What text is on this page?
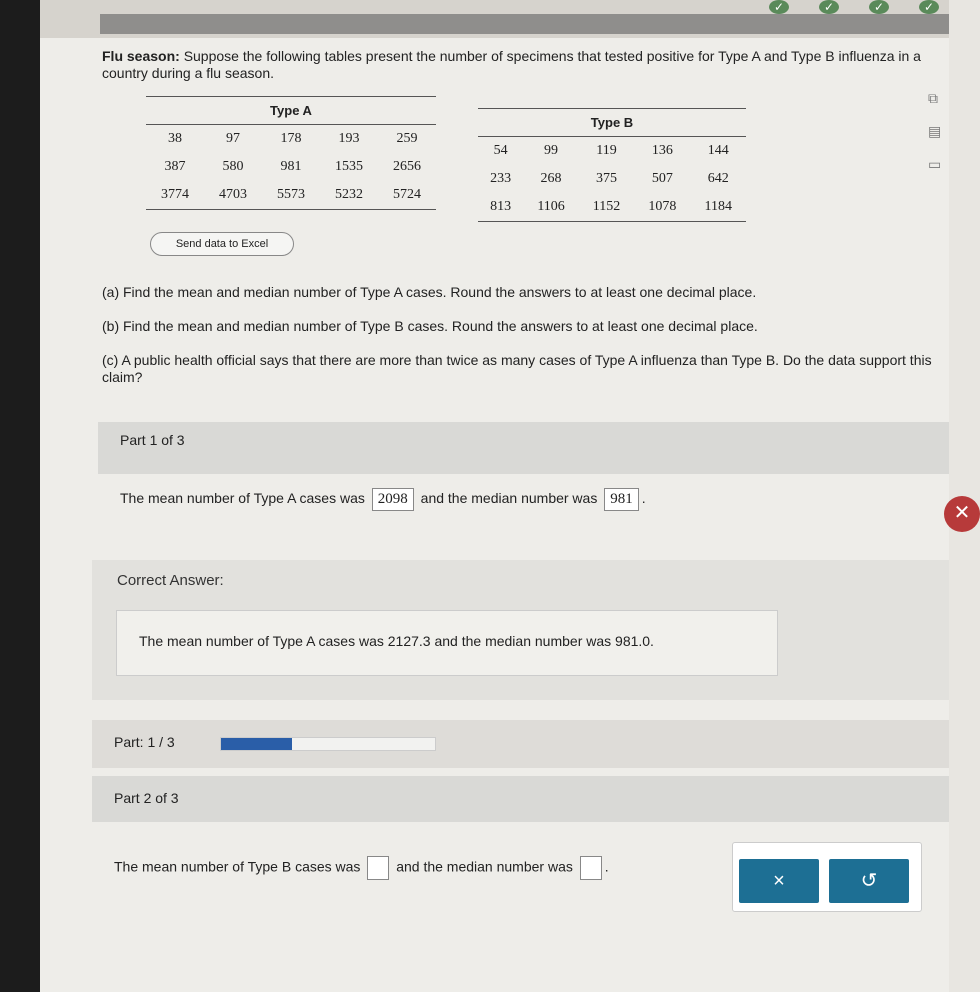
✓	✓	✓	✓
Flu season: Suppose the following tables present the number of specimens that tested positive for Type A and Type B influenza in a country during a flu season.
⧉

▤

▭
Type A				
38	97	178	193	259
387	580	981	1535	2656
3774	4703	5573	5232	5724
Type B				
54	99	119	136	144
233	268	375	507	642
813	1106	1152	1078	1184
Send data to Excel

(a) Find the mean and median number of Type A cases. Round the answers to at least one decimal place.

(b) Find the mean and median number of Type B cases. Round the answers to at least one decimal place.

(c) A public health official says that there are more than twice as many cases of Type A influenza than Type B. Do the data support this claim?

Part 1 of 3
The mean number of Type A cases was 2098 and the median number was 981 .
✕
Correct Answer:
The mean number of Type A cases was 2127.3 and the median number was 981.0.
Part: 1 / 3
Part 2 of 3
The mean number of Type B cases was	and the median number was .
×	↺
